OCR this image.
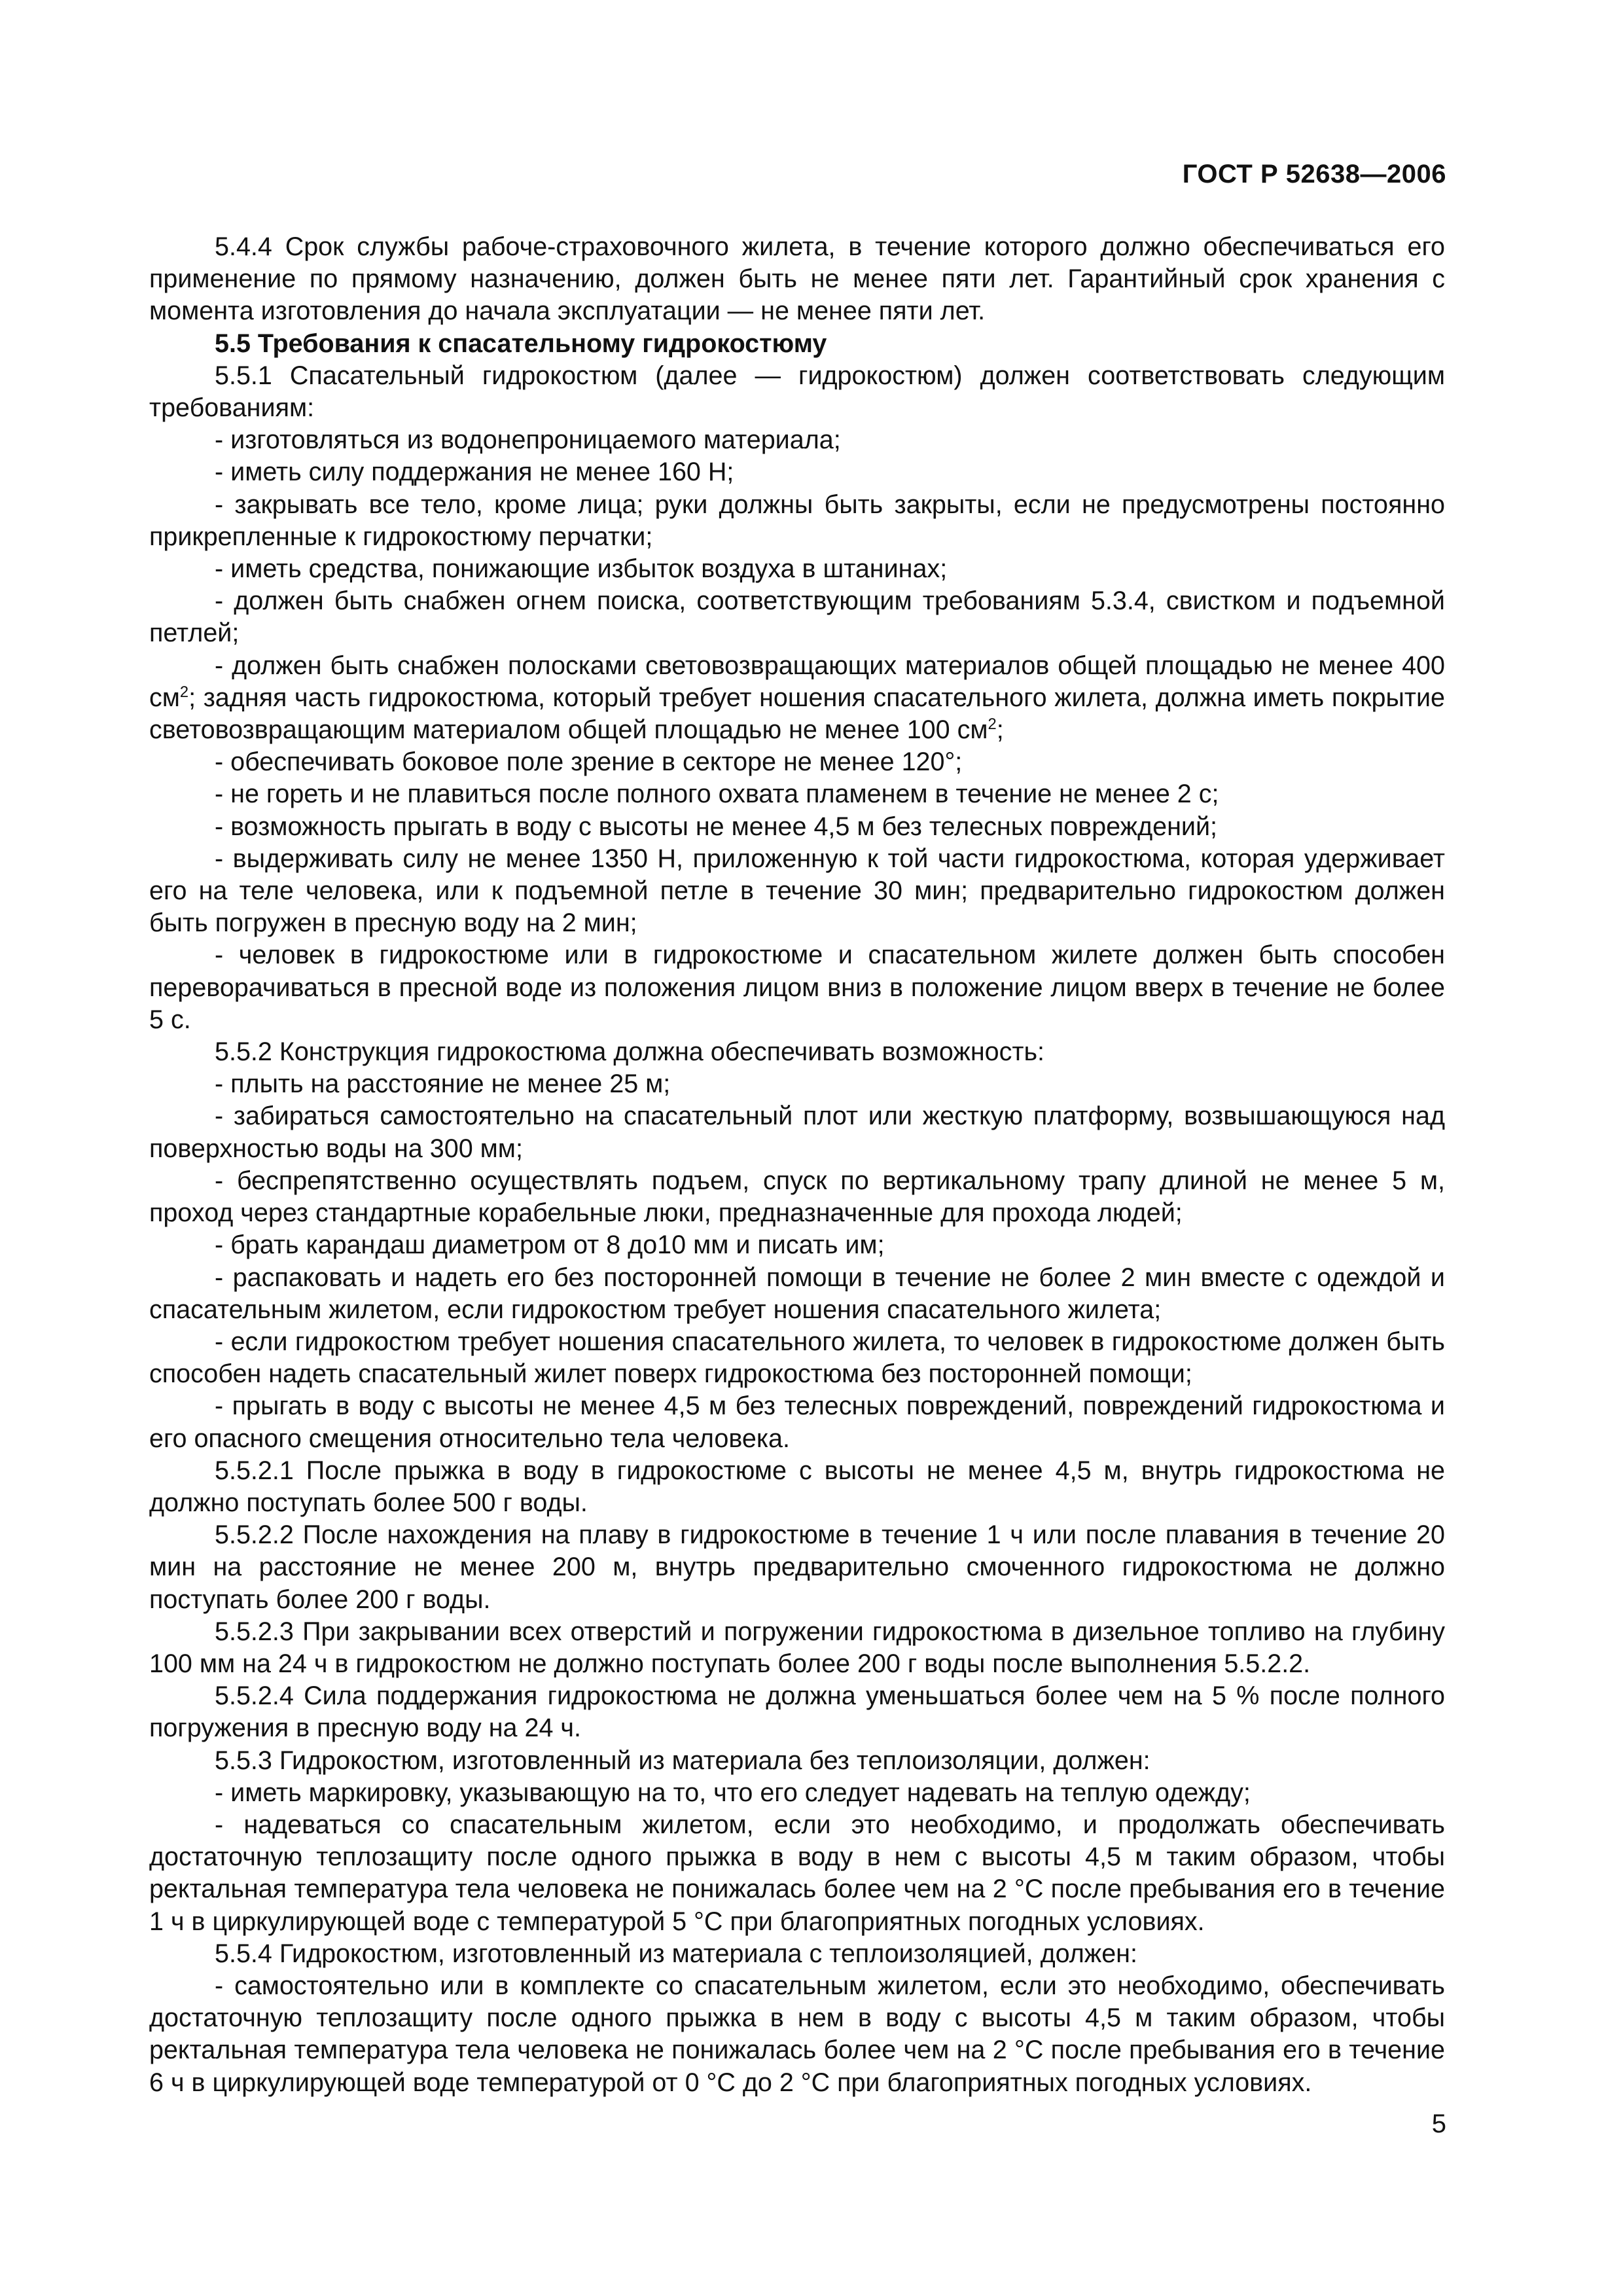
ГОСТ Р 52638—2006

5.4.4 Срок службы рабоче-страховочного жилета, в течение которого должно обеспечиваться его применение по прямому назначению, должен быть не менее пяти лет. Гарантийный срок хранения с момента изготовления до начала эксплуатации — не менее пяти лет.

5.5 Требования к спасательному гидрокостюму

5.5.1 Спасательный гидрокостюм (далее — гидрокостюм) должен соответствовать следующим требованиям:

- изготовляться из водонепроницаемого материала;

- иметь силу поддержания не менее 160 Н;

- закрывать все тело, кроме лица; руки должны быть закрыты, если не предусмотрены постоянно прикрепленные к гидрокостюму перчатки;

- иметь средства, понижающие избыток воздуха в штанинах;

- должен быть снабжен огнем поиска, соответствующим требованиям 5.3.4, свистком и подъемной петлей;

- должен быть снабжен полосками световозвращающих материалов общей площадью не менее 400 $см^2$; задняя часть гидрокостюма, который требует ношения спасательного жилета, должна иметь покрытие световозвращающим материалом общей площадью не менее 100 $см^2$;

- обеспечивать боковое поле зрение в секторе не менее 120°;

- не гореть и не плавиться после полного охвата пламенем в течение не менее 2 с;

- возможность прыгать в воду с высоты не менее 4,5 м без телесных повреждений;

- выдерживать силу не менее 1350 Н, приложенную к той части гидрокостюма, которая удерживает его на теле человека, или к подъемной петле в течение 30 мин; предварительно гидрокостюм должен быть погружен в пресную воду на 2 мин;

- человек в гидрокостюме или в гидрокостюме и спасательном жилете должен быть способен переворачиваться в пресной воде из положения лицом вниз в положение лицом вверх в течение не более 5 с.

5.5.2 Конструкция гидрокостюма должна обеспечивать возможность:

- плыть на расстояние не менее 25 м;

- забираться самостоятельно на спасательный плот или жесткую платформу, возвышающуюся над поверхностью воды на 300 мм;

- беспрепятственно осуществлять подъем, спуск по вертикальному трапу длиной не менее 5 м, проход через стандартные корабельные люки, предназначенные для прохода людей;

- брать карандаш диаметром от 8 до10 мм и писать им;

- распаковать и надеть его без посторонней помощи в течение не более 2 мин вместе с одеждой и спасательным жилетом, если гидрокостюм требует ношения спасательного жилета;

- если гидрокостюм требует ношения спасательного жилета, то человек в гидрокостюме должен быть способен надеть спасательный жилет поверх гидрокостюма без посторонней помощи;

- прыгать в воду с высоты не менее 4,5 м без телесных повреждений, повреждений гидрокостюма и его опасного смещения относительно тела человека.

5.5.2.1 После прыжка в воду в гидрокостюме с высоты не менее 4,5 м, внутрь гидрокостюма не должно поступать более 500 г воды.

5.5.2.2 После нахождения на плаву в гидрокостюме в течение 1 ч или после плавания в течение 20 мин на расстояние не менее 200 м, внутрь предварительно смоченного гидрокостюма не должно поступать более 200 г воды.

5.5.2.3 При закрывании всех отверстий и погружении гидрокостюма в дизельное топливо на глубину 100 мм на 24 ч в гидрокостюм не должно поступать более 200 г воды после выполнения 5.5.2.2.

5.5.2.4 Сила поддержания гидрокостюма не должна уменьшаться более чем на 5 % после полного погружения в пресную воду на 24 ч.

5.5.3 Гидрокостюм, изготовленный из материала без теплоизоляции, должен:

- иметь маркировку, указывающую на то, что его следует надевать на теплую одежду;

- надеваться со спасательным жилетом, если это необходимо, и продолжать обеспечивать достаточную теплозащиту после одного прыжка в воду в нем с высоты 4,5 м таким образом, чтобы ректальная температура тела человека не понижалась более чем на 2 °С после пребывания его в течение 1 ч в циркулирующей воде с температурой 5 °С при благоприятных погодных условиях.

5.5.4 Гидрокостюм, изготовленный из материала с теплоизоляцией, должен:

- самостоятельно или в комплекте со спасательным жилетом, если это необходимо, обеспечивать достаточную теплозащиту после одного прыжка в нем в воду с высоты 4,5 м таким образом, чтобы ректальная температура тела человека не понижалась более чем на 2 °С после пребывания его в течение 6 ч в циркулирующей воде температурой от 0 °С до 2 °С при благоприятных погодных условиях.

5
